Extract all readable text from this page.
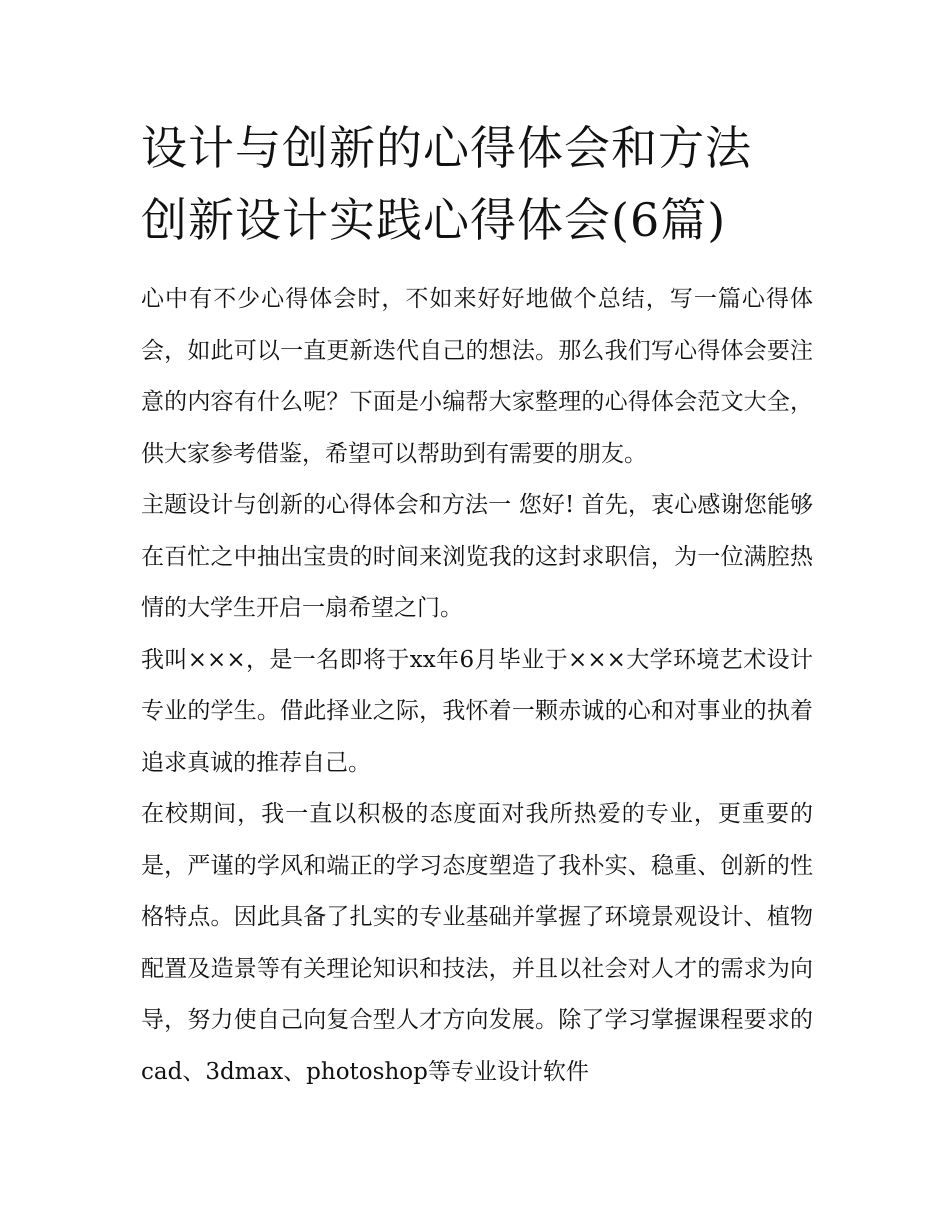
设计与创新的心得体会和方法
创新设计实践心得体会(6篇)

心中有不少心得体会时，不如来好好地做个总结，写一篇心得体会，如此可以一直更新迭代自己的想法。那么我们写心得体会要注意的内容有什么呢？下面是小编帮大家整理的心得体会范文大全，供大家参考借鉴，希望可以帮助到有需要的朋友。

主题设计与创新的心得体会和方法一 您好! 首先，衷心感谢您能够在百忙之中抽出宝贵的时间来浏览我的这封求职信，为一位满腔热情的大学生开启一扇希望之门。

我叫×××，是一名即将于xx年6月毕业于×××大学环境艺术设计专业的学生。借此择业之际，我怀着一颗赤诚的心和对事业的执着追求真诚的推荐自己。

在校期间，我一直以积极的态度面对我所热爱的专业，更重要的是，严谨的学风和端正的学习态度塑造了我朴实、稳重、创新的性格特点。因此具备了扎实的专业基础并掌握了环境景观设计、植物配置及造景等有关理论知识和技法，并且以社会对人才的需求为向导，努力使自己向复合型人才方向发展。除了学习掌握课程要求的cad、3dmax、photoshop等专业设计软件
